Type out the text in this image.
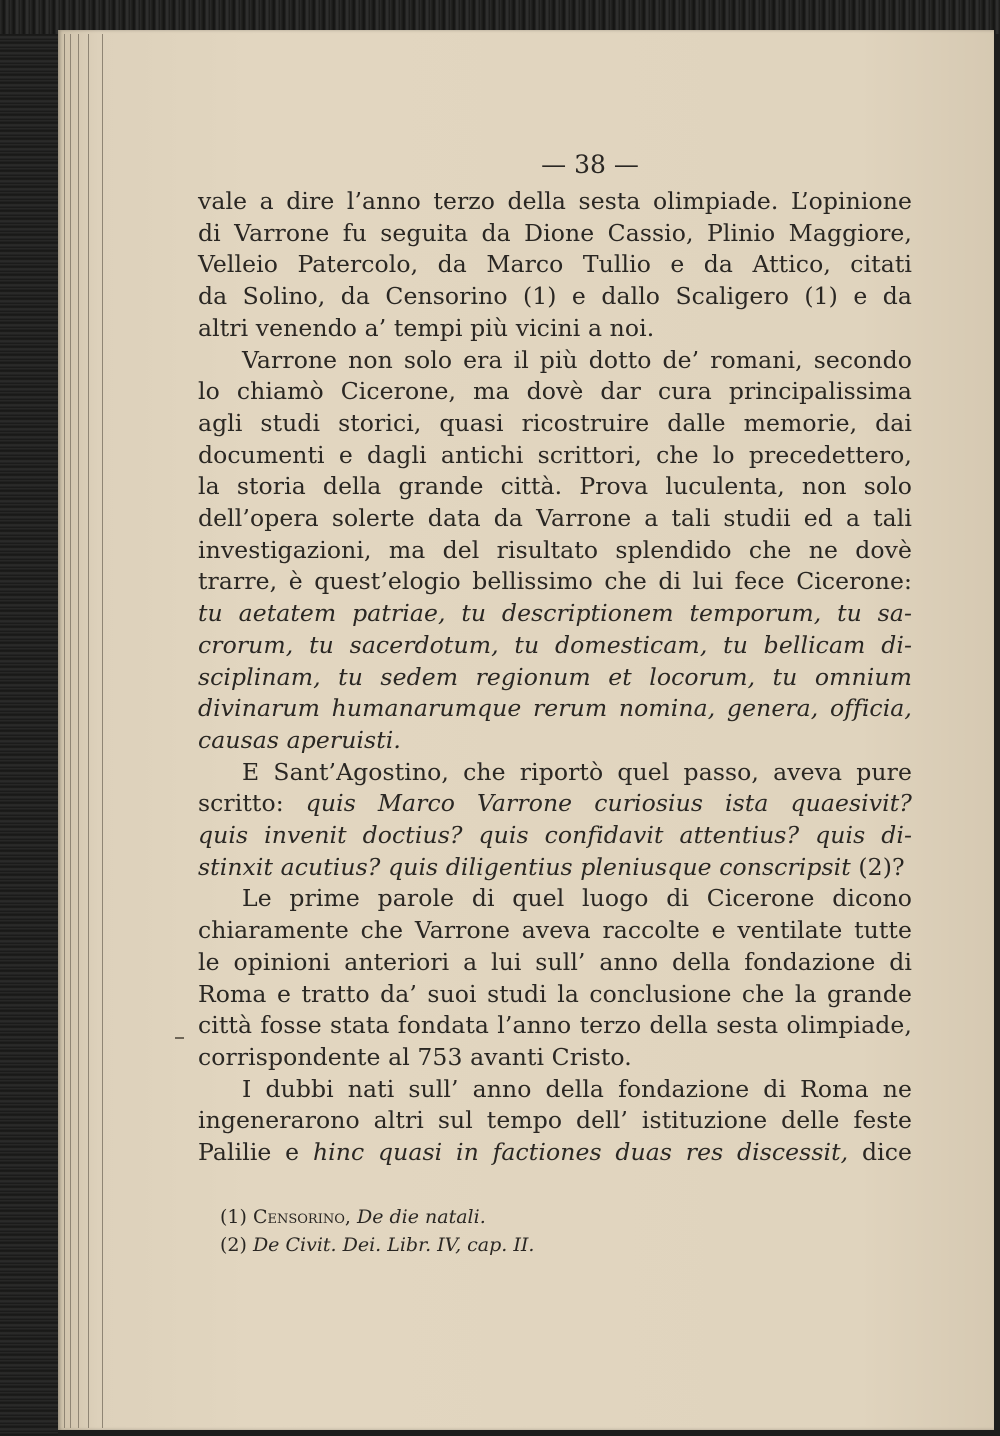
— 38 —
vale a dire l’anno terzo della sesta olimpiade. L’opinione
di Varrone fu seguita da Dione Cassio, Plinio Maggiore,
Velleio Patercolo, da Marco Tullio e da Attico, citati
da Solino, da Censorino (1) e dallo Scaligero (1) e da
altri venendo a’ tempi più vicini a noi.
Varrone non solo era il più dotto de’ romani, secondo
lo chiamò Cicerone, ma dovè dar cura principalissima
agli studi storici, quasi ricostruire dalle memorie, dai
documenti e dagli antichi scrittori, che lo precedettero,
la storia della grande città. Prova luculenta, non solo
dell’opera solerte data da Varrone a tali studii ed a tali
investigazioni, ma del risultato splendido che ne dovè
trarre, è quest’elogio bellissimo che di lui fece Cicerone:
tu aetatem patriae, tu descriptionem temporum, tu sa-
crorum, tu sacerdotum, tu domesticam, tu bellicam di-
sciplinam, tu sedem regionum et locorum, tu omnium
divinarum humanarumque rerum nomina, genera, officia,
causas aperuisti.
E Sant’Agostino, che riportò quel passo, aveva pure
scritto: quis Marco Varrone curiosius ista quaesivit?
quis invenit doctius? quis confidavit attentius? quis di-
stinxit acutius? quis diligentius pleniusque conscripsit (2)?
Le prime parole di quel luogo di Cicerone dicono
chiaramente che Varrone aveva raccolte e ventilate tutte
le opinioni anteriori a lui sull’ anno della fondazione di
Roma e tratto da’ suoi studi la conclusione che la grande
città fosse stata fondata l’anno terzo della sesta olimpiade,
corrispondente al 753 avanti Cristo.
I dubbi nati sull’ anno della fondazione di Roma ne
ingenerarono altri sul tempo dell’ istituzione delle feste
Palilie e hinc quasi in factiones duas res discessit, dice
(1) Censorino, De die natali.
(2) De Civit. Dei. Libr. IV, cap. II.
